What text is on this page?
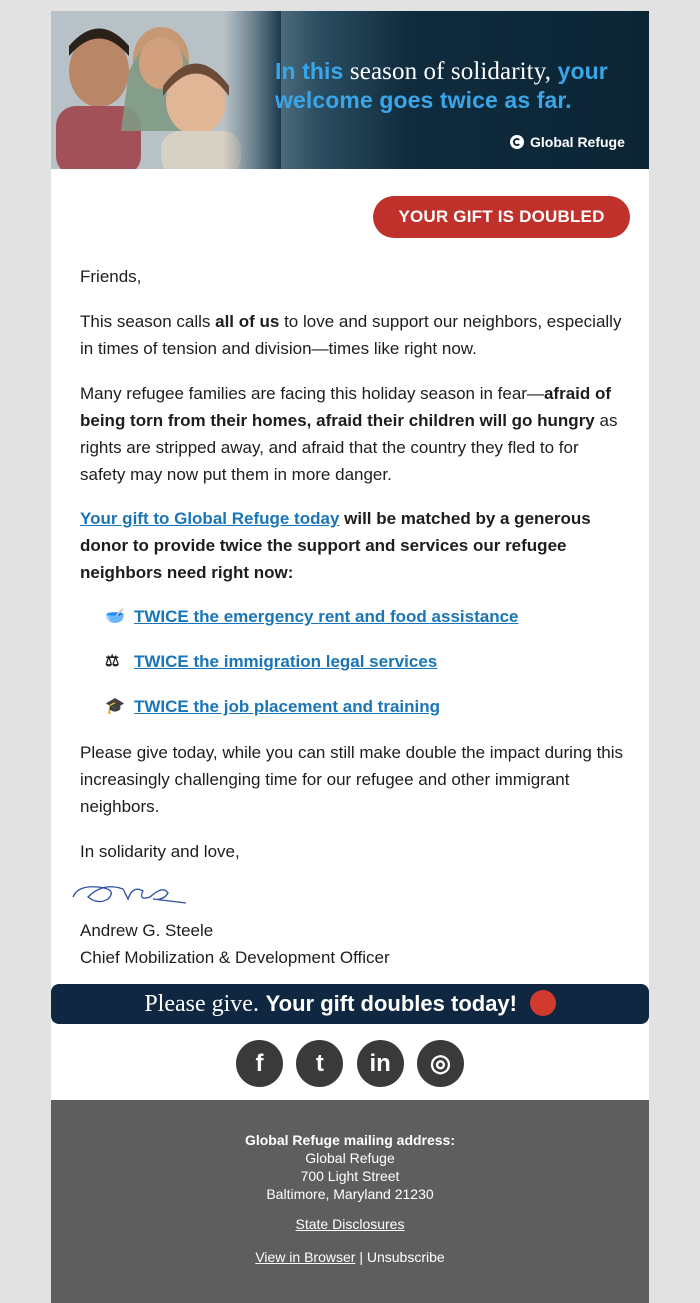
In this season of solidarity, your
welcome goes twice as far.
Global Refuge
YOUR GIFT IS DOUBLED

Friends,

This season calls all of us to love and support our neighbors, especially in times of tension and division—times like right now.

Many refugee families are facing this holiday season in fear—afraid of being torn from their homes, afraid their children will go hungry as rights are stripped away, and afraid that the country they fled to for safety may now put them in more danger.

Your gift to Global Refuge today will be matched by a generous donor to provide twice the support and services our refugee neighbors need right now:

🥣 TWICE the emergency rent and food assistance
⚖ TWICE the immigration legal services
🎓 TWICE the job placement and training

Please give today, while you can still make double the impact during this increasingly challenging time for our refugee and other immigrant neighbors.

In solidarity and love,

Andrew G. Steele
Chief Mobilization & Development Officer

Please give. Your gift doubles today!
f	t	in	◎
Global Refuge mailing address:
Global Refuge
700 Light Street
Baltimore, Maryland 21230
State Disclosures
View in Browser | Unsubscribe
